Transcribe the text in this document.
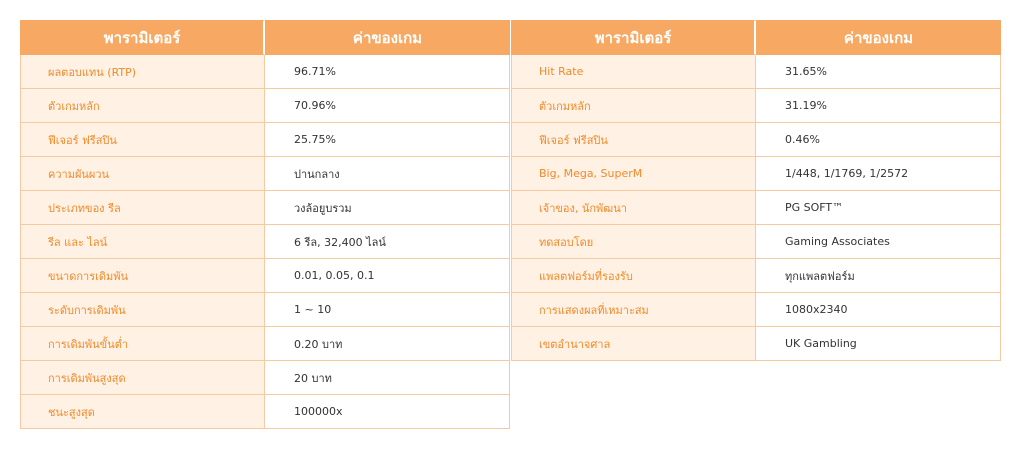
พารามิเตอร์	ค่าของเกม
ผลตอบแทน (RTP)	96.71%
ตัวเกมหลัก	70.96%
ฟีเจอร์ ฟรีสปิน	25.75%
ความผันผวน	ปานกลาง
ประเภทของ รีล	วงล้อยูบรวม
รีล และ ไลน์	6 รีล, 32,400 ไลน์
ขนาดการเดิมพัน	0.01, 0.05, 0.1
ระดับการเดิมพัน	1 ~ 10
การเดิมพันขั้นต่ำ	0.20 บาท
การเดิมพันสูงสุด	20 บาท
ชนะสูงสุด	100000x
พารามิเตอร์	ค่าของเกม
Hit Rate	31.65%
ตัวเกมหลัก	31.19%
ฟีเจอร์ ฟรีสปิน	0.46%
Big, Mega, SuperM	1/448, 1/1769, 1/2572
เจ้าของ, นักพัฒนา	PG SOFT™
ทดสอบโดย	Gaming Associates
แพลตฟอร์มที่รองรับ	ทุกแพลตฟอร์ม
การแสดงผลที่เหมาะสม	1080x2340
เขตอำนาจศาล	UK Gambling
